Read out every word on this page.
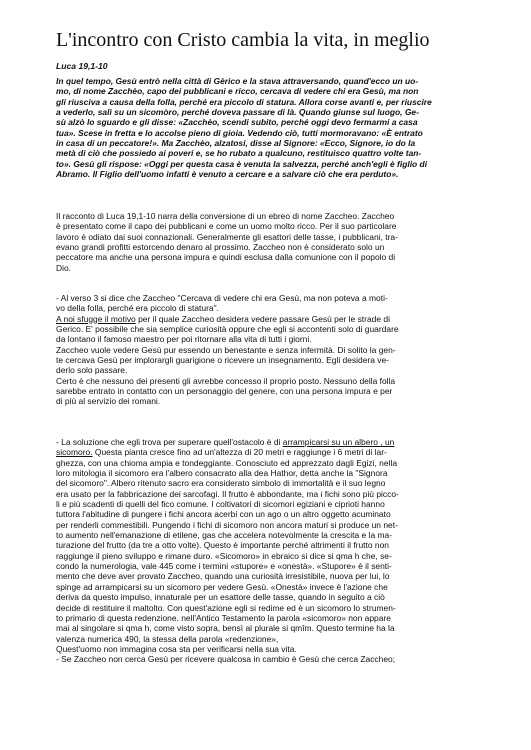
L'incontro con Cristo cambia la vita, in meglio
Luca 19,1-10
In quel tempo, Gesù entrò nella città di Gèrico e la stava attraversando, quand'ecco un uo-
mo, di nome Zacchèo, capo dei pubblicani e ricco, cercava di vedere chi era Gesù, ma non
gli riusciva a causa della folla, perché era piccolo di statura. Allora corse avanti e, per riuscire
a vederlo, salì su un sicomòro, perché doveva passare di là. Quando giunse sul luogo, Ge-
sù alzò lo sguardo e gli disse: «Zacchèo, scendi subito, perché oggi devo fermarmi a casa
tua». Scese in fretta e lo accolse pieno di gioia. Vedendo ciò, tutti mormoravano: «È entrato
in casa di un peccatore!». Ma Zacchèo, alzatosi, disse al Signore: «Ecco, Signore, io do la
metà di ciò che possiedo ai poveri e, se ho rubato a qualcuno, restituisco quattro volte tan-
to». Gesù gli rispose: «Oggi per questa casa è venuta la salvezza, perché anch'egli è figlio di
Abramo. Il Figlio dell'uomo infatti è venuto a cercare e a salvare ciò che era perduto».
Il racconto di Luca 19,1-10 narra della conversione di un ebreo di nome Zaccheo. Zaccheo
è presentato come il capo dei pubblicani e come un uomo molto ricco. Per il suo particolare
lavoro è odiato dai suoi connazionali. Generalmente gli esattori delle tasse, i pubblicani, tra-
evano grandi profitti estorcendo denaro al prossimo. Zaccheo non è considerato solo un
peccatore ma anche una persona impura e quindi esclusa dalla comunione con il popolo di
Dio.
- Al verso 3 si dice che Zaccheo "Cercava di vedere chi era Gesù, ma non poteva a moti-
vo della folla, perché era piccolo di statura".
A noi sfugge il motivo per il quale Zaccheo desidera vedere passare Gesù per le strade di
Gerico. E' possibile che sia semplice curiosità oppure che egli si accontenti solo di guardare
da lontano il famoso maestro per poi ritornare alla vita di tutti i giorni.
Zaccheo vuole vedere Gesù pur essendo un benestante e senza infermità. Di solito la gen-
te cercava Gesù per implorargli guarigione o ricevere un insegnamento. Egli desidera ve-
derlo solo passare.
Certo è che nessuno dei presenti gli avrebbe concesso il proprio posto. Nessuno della folla
sarebbe entrato in contatto con un personaggio del genere, con una persona impura e per
di più al servizio dei romani.
- La soluzione che egli trova per superare quell'ostacolo è di arrampicarsi su un albero , un
sicomoro. Questa pianta cresce fino ad un'altezza di 20 metri e raggiunge i 6 metri di lar-
ghezza, con una chioma ampia e tondeggiante. Conosciuto ed apprezzato dagli Egizi, nella
loro mitologia il sicomoro era l'albero consacrato alla dea Hathor, detta anche la "Signora
del sicomoro". Albero ritenuto sacro era considerato simbolo di immortalità e il suo legno
era usato per la fabbricazione dei sarcofagi. Il frutto è abbondante, ma i fichi sono più picco-
li e più scadenti di quelli del fico comune. I coltivatori di sicomori egiziani e ciprioti hanno
tuttora l'abitudine di pungere i fichi ancora acerbi con un ago o un altro oggetto acuminato
per renderli commestibili. Pungendo i fichi di sicomoro non ancora maturi si produce un net-
to aumento nell'emanazione di etilene, gas che accelera notevolmente la crescita e la ma-
turazione del frutto (da tre a otto volte). Questo è importante perché altrimenti il frutto non
raggiunge il pieno sviluppo e rimane duro. «Sicomoro» in ebraico si dice si qma h che, se-
condo la numerologia, vale 445 come i termini «stupore» e «onestà». «Stupore» è il senti-
mento che deve aver provato Zaccheo, quando una curiosità irresistibile, nuova per lui, lo
spinge ad arrampicarsi su un sicomoro per vedere Gesù. «Onestà» invece è l'azione che
deriva da questo impulso, innaturale per un esattore delle tasse, quando in seguito a ciò
decide di restituire il maltolto. Con quest'azione egli si redime ed è un sicomoro lo strumen-
to primario di questa redenzione. nell'Antico Testamento la parola «sicomoro» non appare
mai al singolare si qma h, come visto sopra, bensì al plurale si qmîm. Questo termine ha la
valenza numerica 490, la stessa della parola «redenzione»,
Quest'uomo non immagina cosa sta per verificarsi nella sua vita.
- Se Zaccheo non cerca Gesù per ricevere qualcosa in cambio è Gesù che cerca Zaccheo;
